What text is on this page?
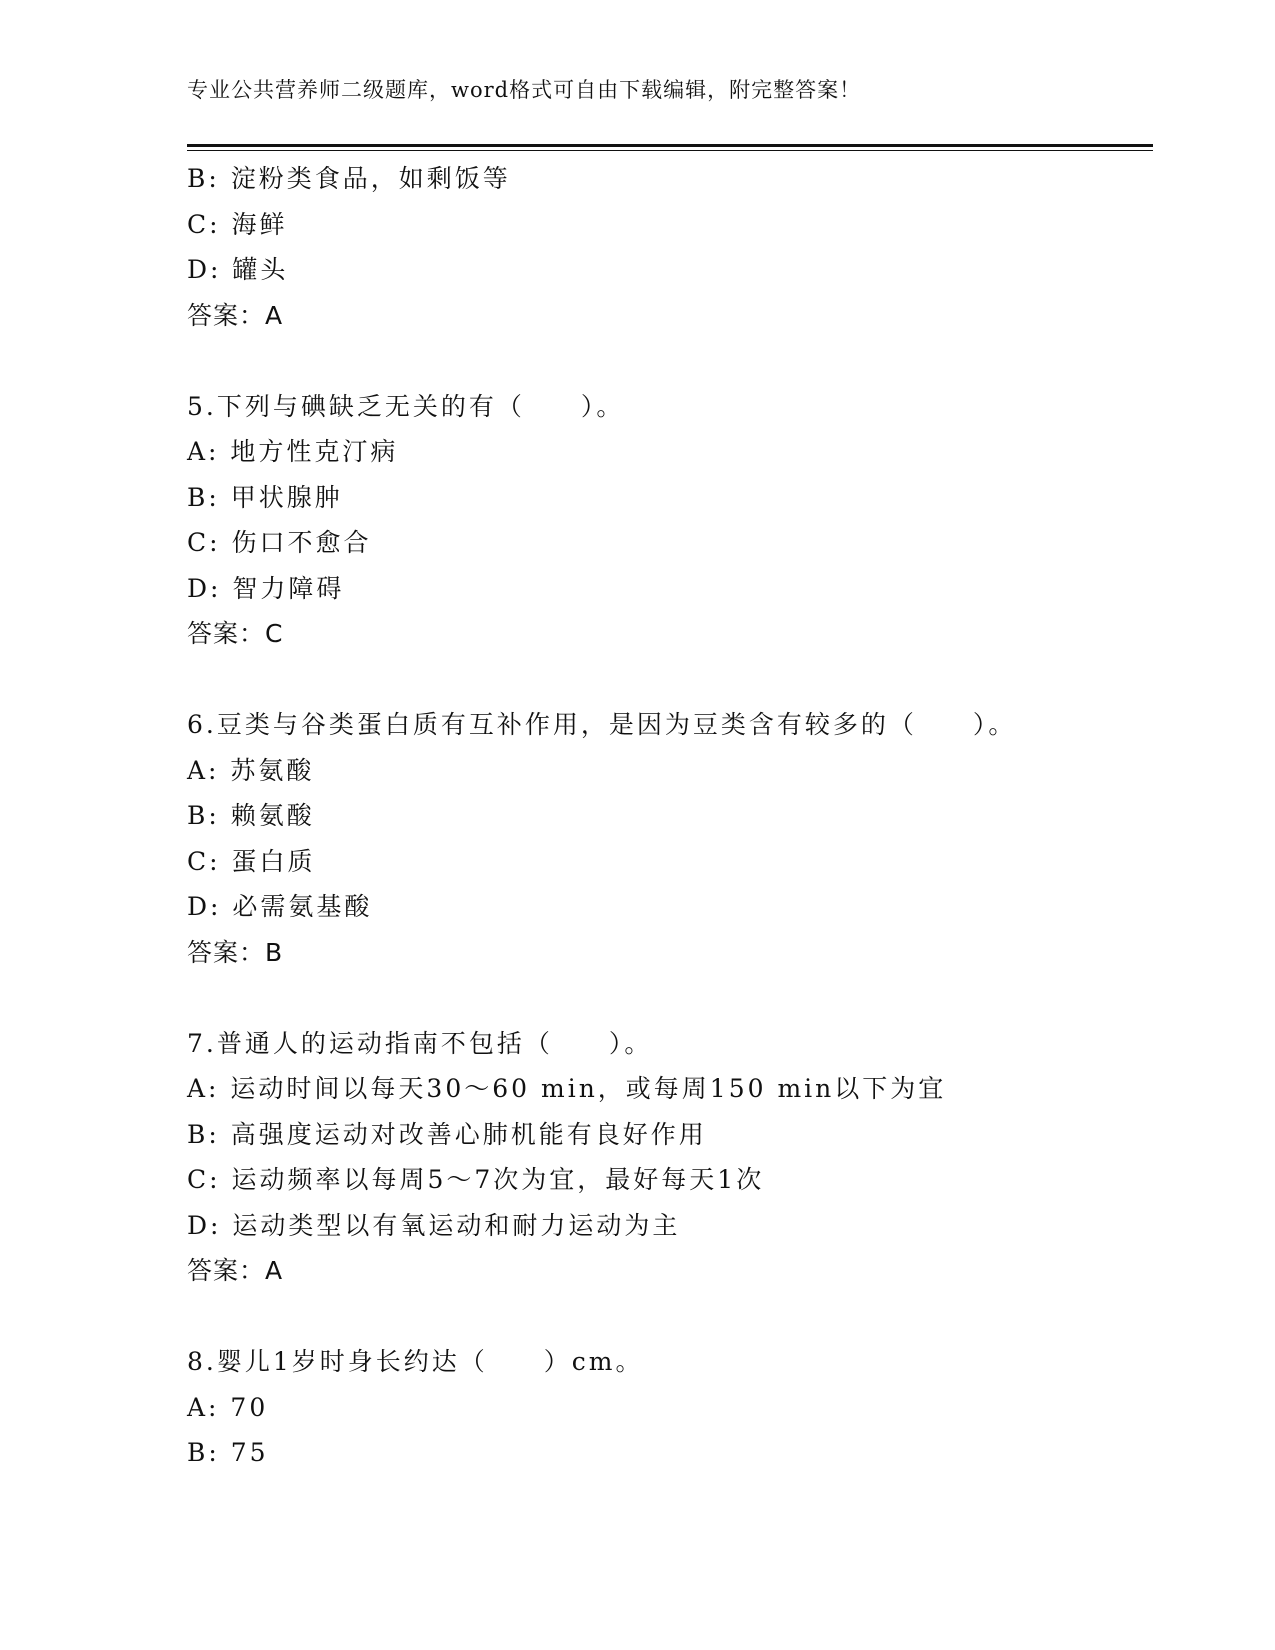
专业公共营养师二级题库，word格式可自由下载编辑，附完整答案！
B: 淀粉类食品，如剩饭等
C: 海鲜
D: 罐头
答案：A
5.下列与碘缺乏无关的有（　　）。
A: 地方性克汀病
B: 甲状腺肿
C: 伤口不愈合
D: 智力障碍
答案：C
6.豆类与谷类蛋白质有互补作用，是因为豆类含有较多的（　　）。
A: 苏氨酸
B: 赖氨酸
C: 蛋白质
D: 必需氨基酸
答案：B
7.普通人的运动指南不包括（　　）。
A: 运动时间以每天30～60 min，或每周150 min以下为宜
B: 高强度运动对改善心肺机能有良好作用
C: 运动频率以每周5～7次为宜，最好每天1次
D: 运动类型以有氧运动和耐力运动为主
答案：A
8.婴儿1岁时身长约达（　　）cm。
A: 70
B: 75
